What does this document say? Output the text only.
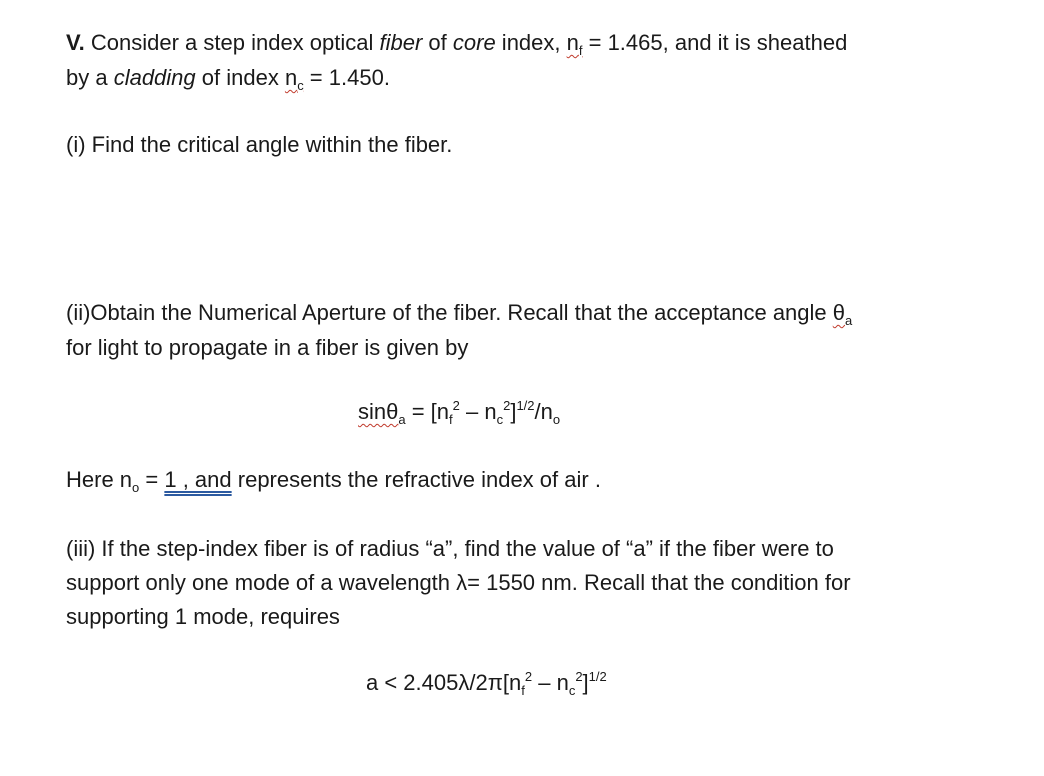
V. Consider a step index optical fiber of core index, $n_f = 1.465$, and it is sheathed
by a cladding of index $n_c = 1.450$.
(i) Find the critical angle within the fiber.
(ii)Obtain the Numerical Aperture of the fiber. Recall that the acceptance angle $\theta_a$
for light to propagate in a fiber is given by
$\sin\theta_a = [n_f^2 - n_c^2]^{1/2}/n_o$
Here $n_o = 1$ , and represents the refractive index of air .
(iii) If the step-index fiber is of radius “a”, find the value of “a” if the fiber were to
support only one mode of a wavelength λ= 1550 nm. Recall that the condition for
supporting 1 mode, requires
$a < 2.405\lambda/2\pi[n_f^2 - n_c^2]^{1/2}$
